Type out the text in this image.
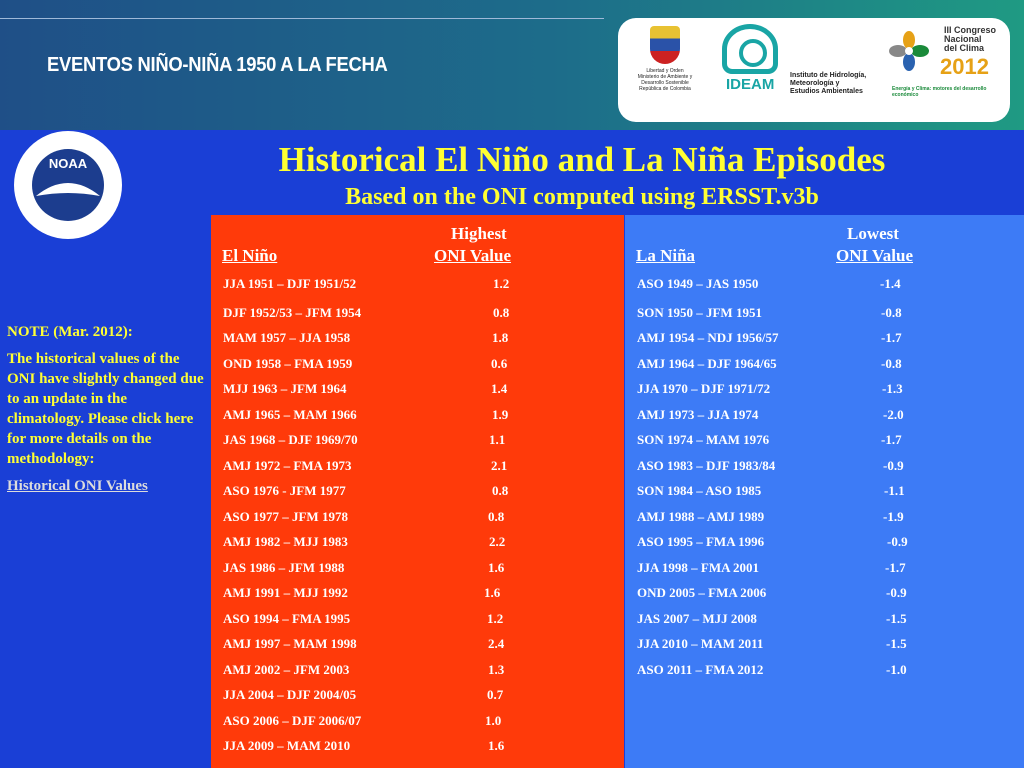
EVENTOS NIÑO-NIÑA 1950 A LA FECHA	Libertad y Orden
Ministerio de Ambiente y
Desarrollo Sostenible
República de Colombia	IDEAM
Instituto de Hidrología,
Meteorología y
Estudios Ambientales
III Congreso
Nacional
del Clima
2012
Energía y Clima: motores del desarrollo económico
NOAA	Historical El Niño and La Niña Episodes
Based on the ONI computed using ERSST.v3b

NOTE (Mar. 2012):

The historical values of the ONI have slightly changed due to an update in the climatology. Please click here for more details on the methodology:

Historical ONI Values
Highest
El Niño	ONI Value
JJA 1951 – DJF 1951/52	1.2
DJF 1952/53 – JFM 1954	0.8
MAM 1957 – JJA 1958	1.8
OND 1958 – FMA 1959	0.6
MJJ 1963 – JFM 1964	1.4
AMJ 1965 – MAM 1966	1.9
JAS 1968 – DJF 1969/70	1.1
AMJ 1972 – FMA 1973	2.1
ASO 1976 - JFM 1977	0.8
ASO 1977 – JFM 1978	0.8
AMJ 1982 – MJJ 1983	2.2
JAS 1986 – JFM 1988	1.6
AMJ 1991 – MJJ 1992	1.6
ASO 1994 – FMA 1995	1.2
AMJ 1997 – MAM 1998	2.4
AMJ 2002 – JFM 2003	1.3
JJA 2004 – DJF 2004/05	0.7
ASO 2006 – DJF 2006/07	1.0
JJA 2009 – MAM 2010	1.6
Lowest
La Niña	ONI Value
ASO 1949 – JAS 1950	-1.4
SON 1950 – JFM 1951	-0.8
AMJ 1954 – NDJ 1956/57	-1.7
AMJ 1964 – DJF 1964/65	-0.8
JJA 1970 – DJF 1971/72	-1.3
AMJ 1973 – JJA 1974	-2.0
SON 1974 – MAM 1976	-1.7
ASO 1983 – DJF 1983/84	-0.9
SON 1984 – ASO 1985	-1.1
AMJ 1988 – AMJ 1989	-1.9
ASO 1995 – FMA 1996	-0.9
JJA 1998 – FMA 2001	-1.7
OND 2005 – FMA 2006	-0.9
JAS 2007 – MJJ 2008	-1.5
JJA 2010 – MAM 2011	-1.5
ASO 2011 – FMA 2012	-1.0
